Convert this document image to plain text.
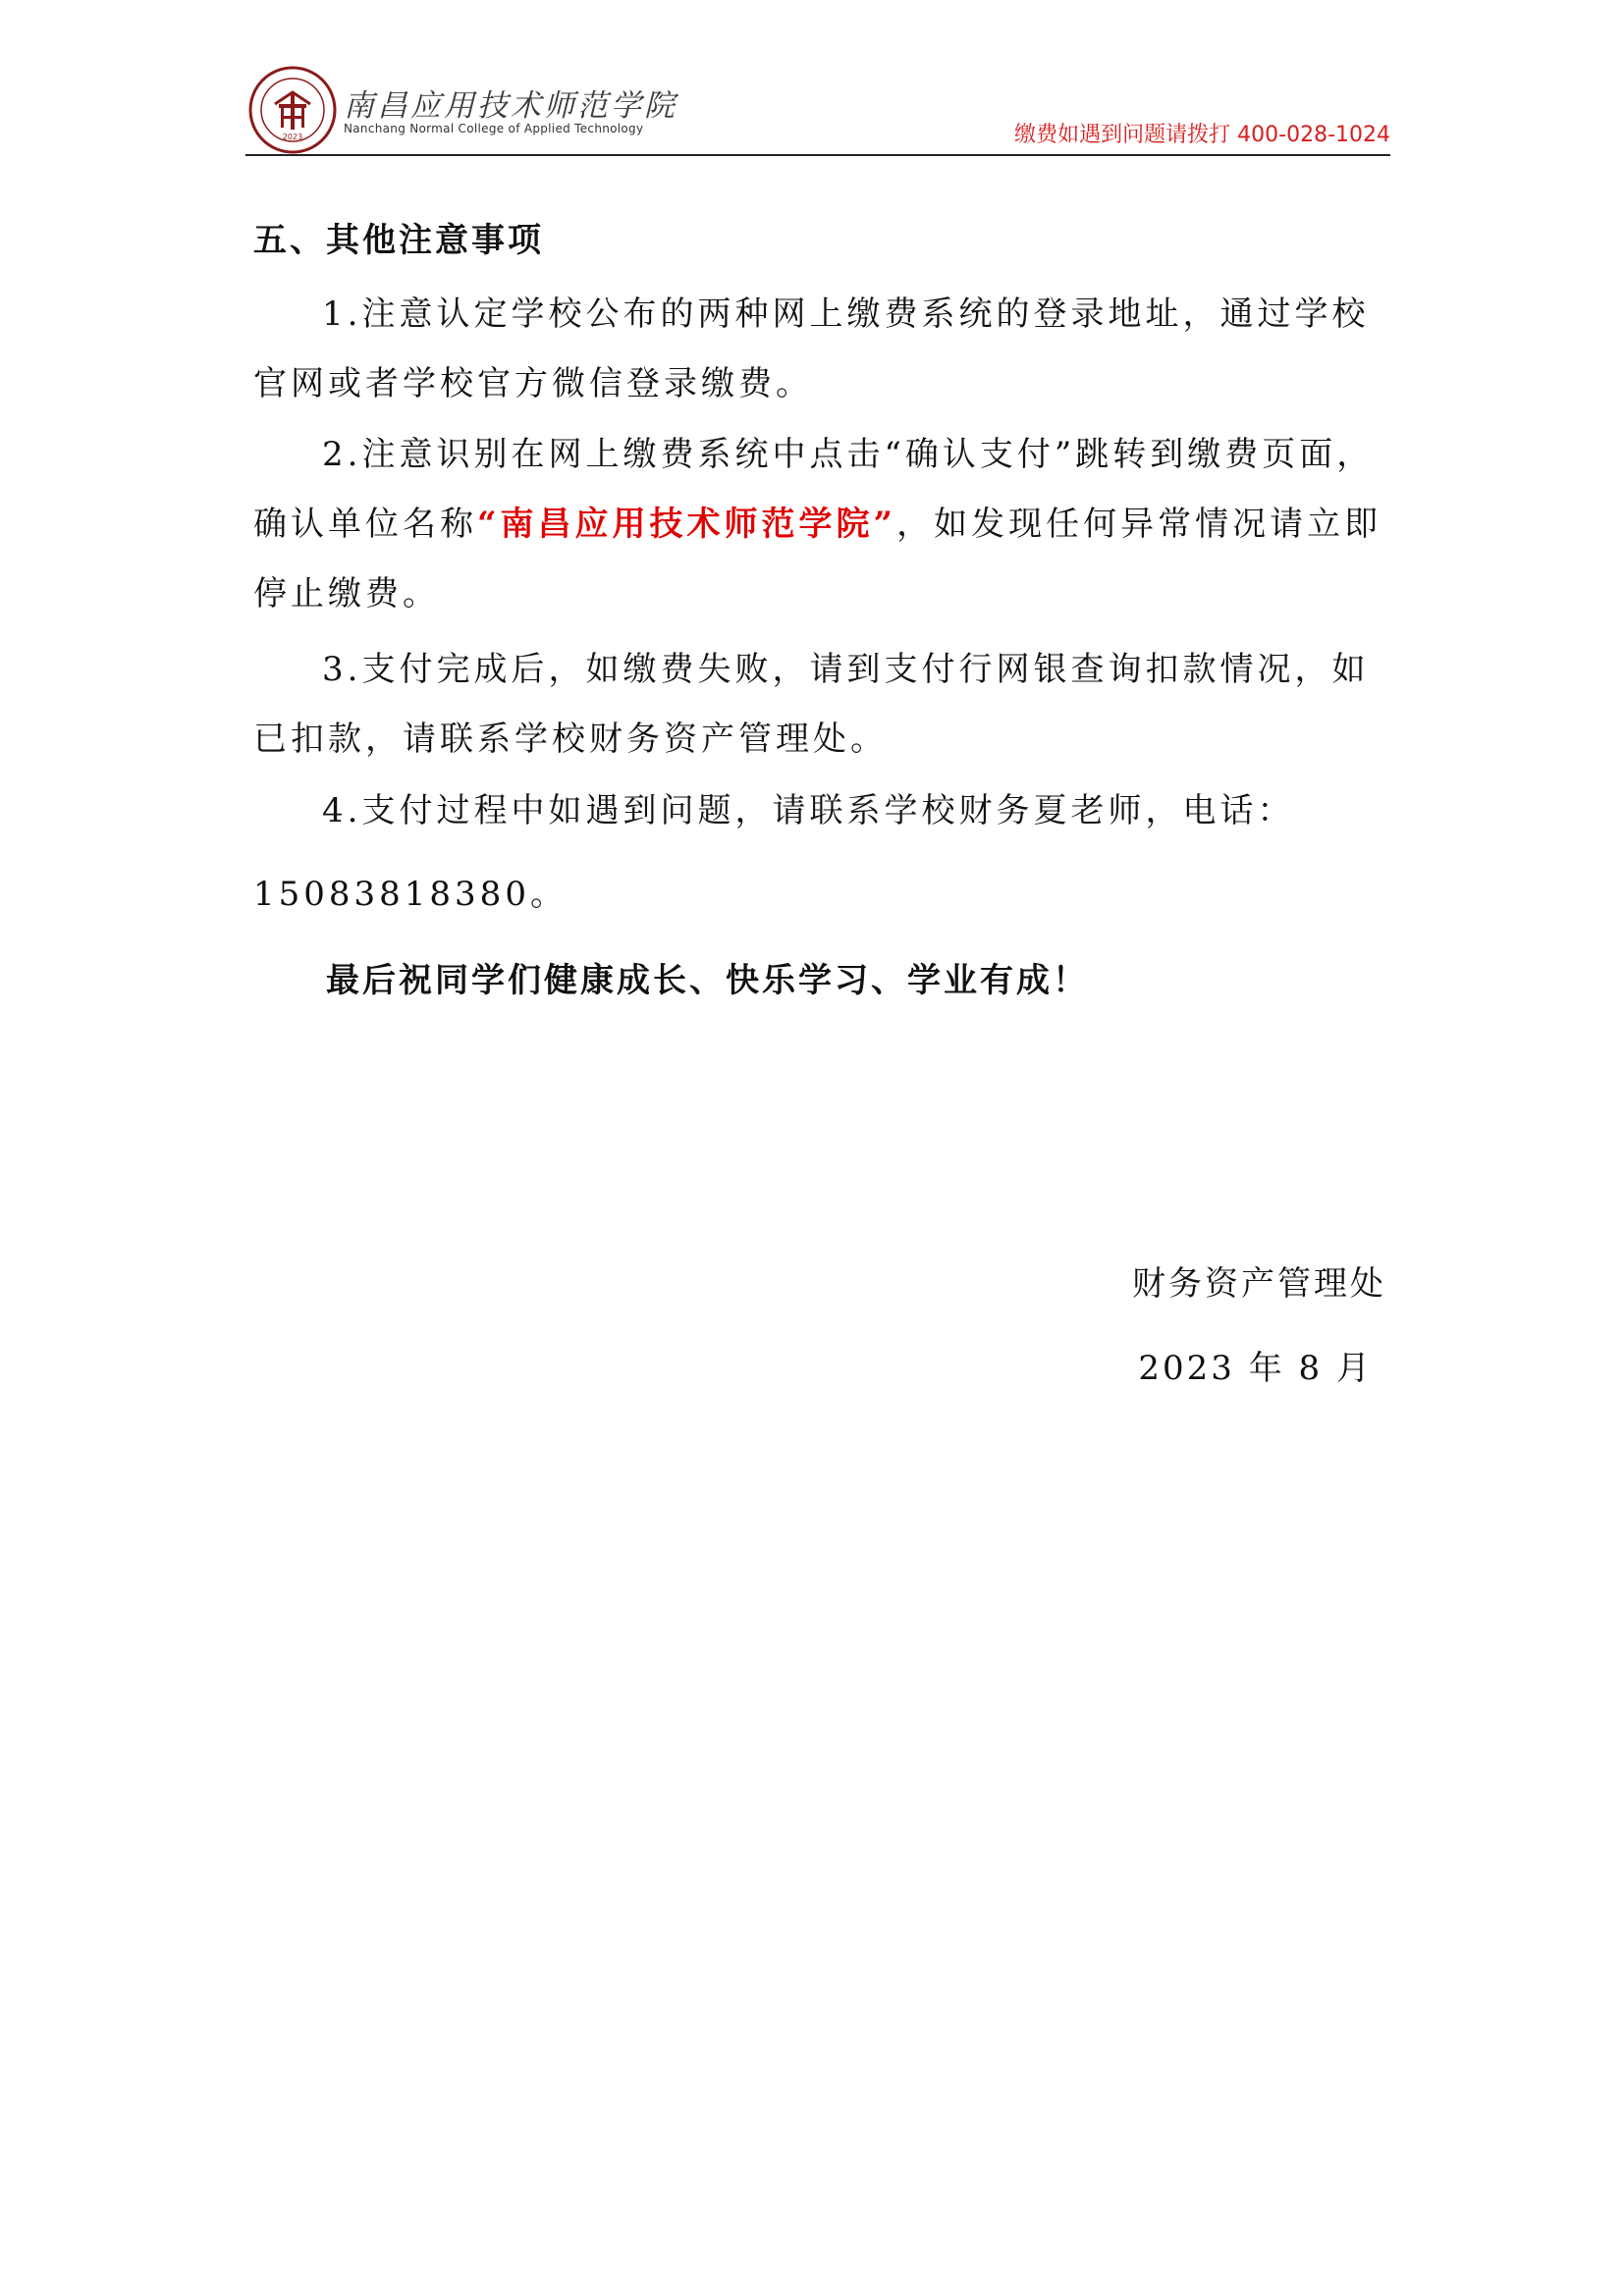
2023
南昌应用技术师范学院
Nanchang Normal College of Applied Technology	缴费如遇到问题请拨打 400-028-1024
五、其他注意事项
1.注意认定学校公布的两种网上缴费系统的登录地址，通过学校官网或者学校官方微信登录缴费。
2.注意识别在网上缴费系统中点击“确认支付”跳转到缴费页面，确认单位名称“南昌应用技术师范学院”，如发现任何异常情况请立即停止缴费。
3.支付完成后，如缴费失败，请到支付行网银查询扣款情况，如已扣款，请联系学校财务资产管理处。
4.支付过程中如遇到问题，请联系学校财务夏老师，电话：
15083818380。
最后祝同学们健康成长、快乐学习、学业有成！
财务资产管理处
2023 年 8 月
